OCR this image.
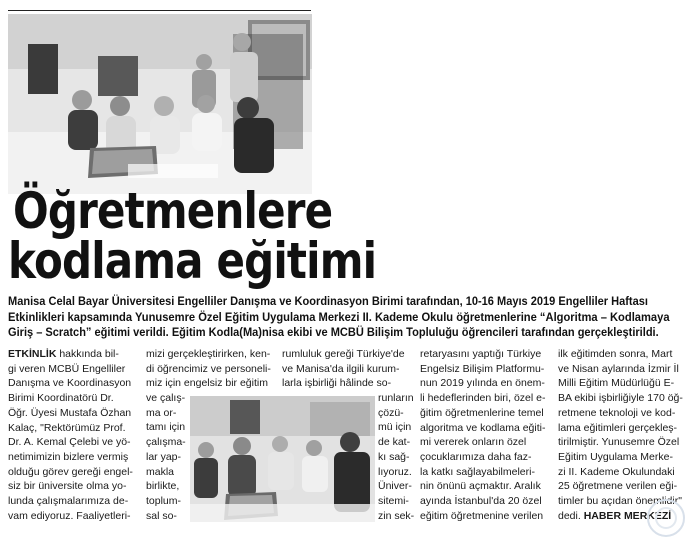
Öğretmenlere
kodlama eğitimi
Manisa Celal Bayar Üniversitesi Engelliler Danışma ve Koordinasyon Birimi tarafından, 10-16 Mayıs 2019 Engelliler Haftası
Etkinlikleri kapsamında Yunusemre Özel Eğitim Uygulama Merkezi II. Kademe Okulu öğretmenlerine “Algoritma – Kodlamaya
Giriş – Scratch” eğitimi verildi. Eğitim Kodla(Ma)nisa ekibi ve MCBÜ Bilişim Topluluğu öğrencileri tarafından gerçekleştirildi.
ETKİNLİK hakkında bil-
gi veren MCBÜ Engelliler
Danışma ve Koordinasyon
Birimi Koordinatörü Dr.
Öğr. Üyesi Mustafa Özhan
Kalaç, "Rektörümüz Prof.
Dr. A. Kemal Çelebi ve yö-
netimimizin bizlere vermiş
olduğu görev gereği engel-
siz bir üniversite olma yo-
lunda çalışmalarımıza de-
vam ediyoruz. Faaliyetleri-
mizi gerçekleştirirken, ken-
di öğrencimiz ve personeli-
miz için engelsiz bir eğitim
ve çalış-
ma or-
tamı için
çalışma-
lar yap-
makla
birlikte,
toplum-
sal so-
rumluluk gereği Türkiye'de
ve Manisa'da ilgili kurum-
larla işbirliği hâlinde so-
runların
çözü-
mü için
de kat-
kı sağ-
lıyoruz.
Üniver-
sitemi-
zin sek-
retaryasını yaptığı Türkiye
Engelsiz Bilişim Platformu-
nun 2019 yılında en önem-
li hedeflerinden biri, özel e-
ğitim öğretmenlerine temel
algoritma ve kodlama eğiti-
mi vererek onların özel
çocuklarımıza daha faz-
la katkı sağlayabilmeleri-
nin önünü açmaktır. Aralık
ayında İstanbul'da 20 özel
eğitim öğretmenine verilen
ilk eğitimden sonra, Mart
ve Nisan aylarında İzmir İl
Milli Eğitim Müdürlüğü E-
BA ekibi işbirliğiyle 170 öğ-
retmene teknoloji ve kod-
lama eğitimleri gerçekleş-
tirilmiştir. Yunusemre Özel
Eğitim Uygulama Merke-
zi II. Kademe Okulundaki
25 öğretmene verilen eği-
timler bu açıdan önemlidir"
dedi. HABER MERKEZİ
